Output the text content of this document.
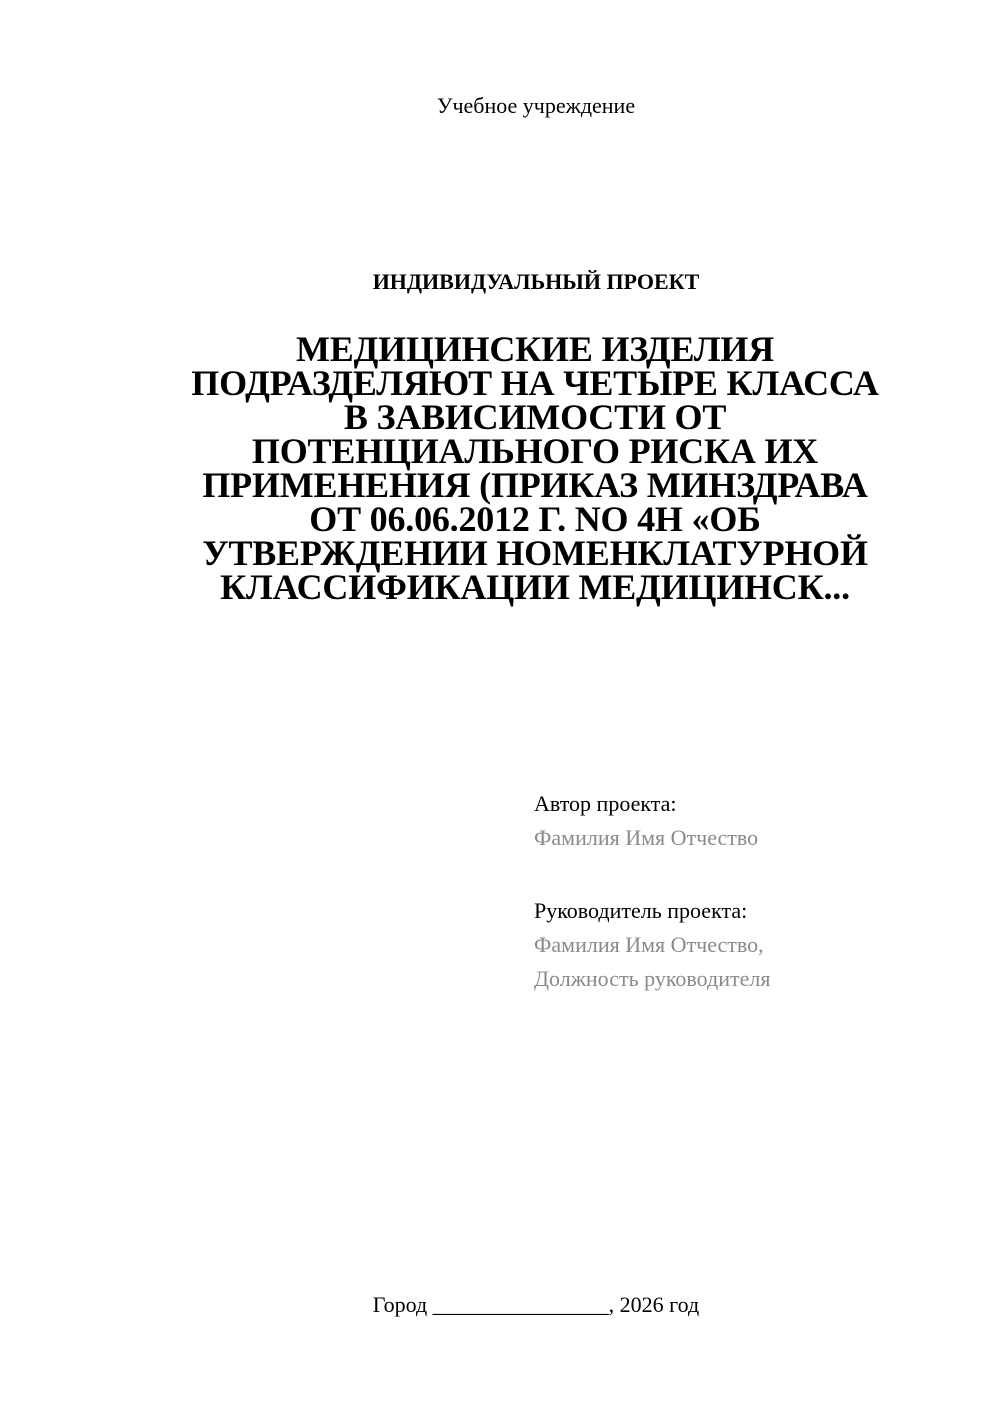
Учебное учреждение
ИНДИВИДУАЛЬНЫЙ ПРОЕКТ
МЕДИЦИНСКИЕ ИЗДЕЛИЯ
ПОДРАЗДЕЛЯЮТ НА ЧЕТЫРЕ КЛАССА
В ЗАВИСИМОСТИ ОТ
ПОТЕНЦИАЛЬНОГО РИСКА ИХ
ПРИМЕНЕНИЯ (ПРИКАЗ МИНЗДРАВА
ОТ 06.06.2012 Г. NO 4H «ОБ
УТВЕРЖДЕНИИ НОМЕНКЛАТУРНОЙ
КЛАССИФИКАЦИИ МЕДИЦИНСК...
Автор проекта:
Фамилия Имя Отчество
Руководитель проекта:
Фамилия Имя Отчество,
Должность руководителя
Город ________________, 2026 год
